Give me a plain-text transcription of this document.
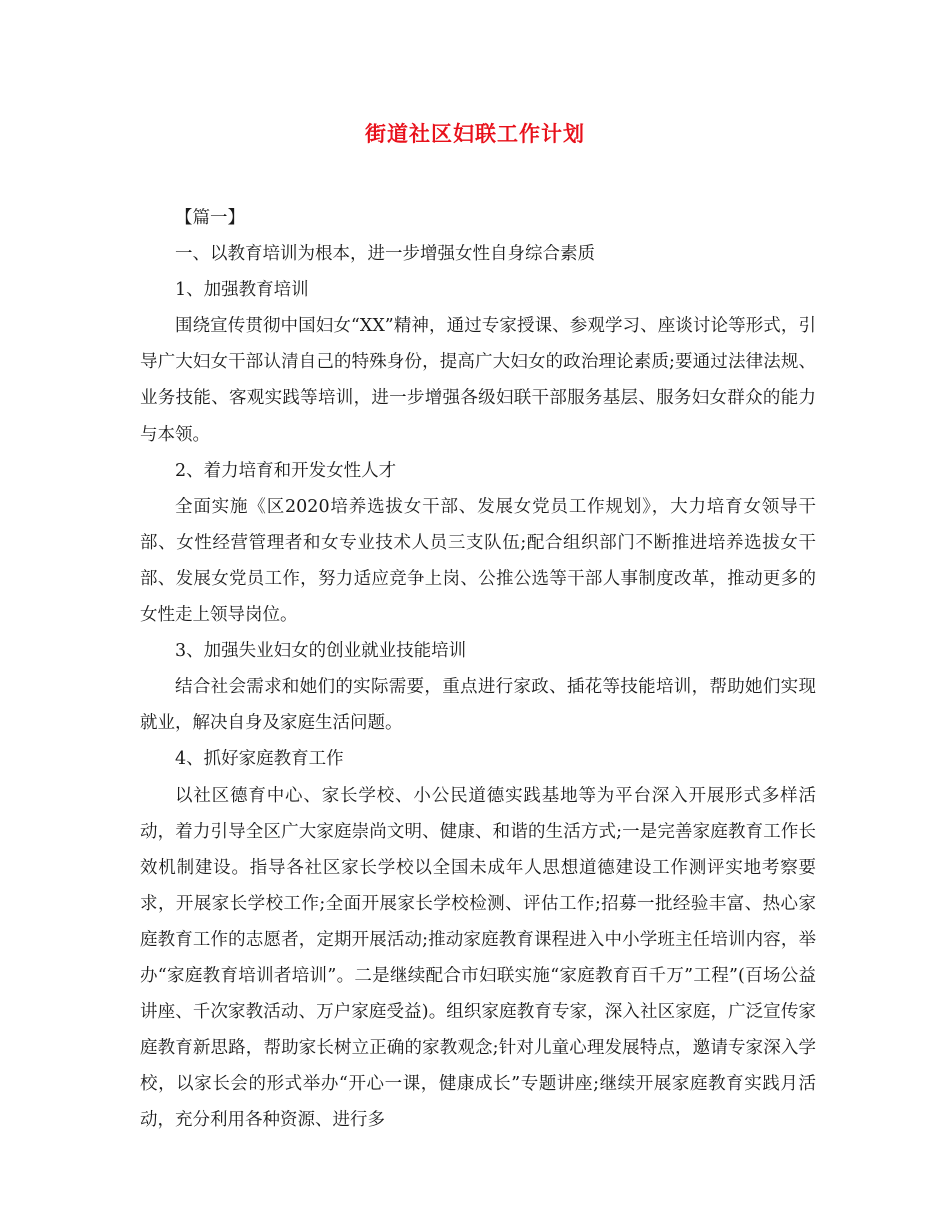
街道社区妇联工作计划

【篇一】

一、以教育培训为根本，进一步增强女性自身综合素质

1、加强教育培训

围绕宣传贯彻中国妇女“XX”精神，通过专家授课、参观学习、座谈讨论等形式，引导广大妇女干部认清自己的特殊身份，提高广大妇女的政治理论素质;要通过法律法规、业务技能、客观实践等培训，进一步增强各级妇联干部服务基层、服务妇女群众的能力与本领。

2、着力培育和开发女性人才

全面实施《区2020培养选拔女干部、发展女党员工作规划》，大力培育女领导干部、女性经营管理者和女专业技术人员三支队伍;配合组织部门不断推进培养选拔女干部、发展女党员工作，努力适应竞争上岗、公推公选等干部人事制度改革，推动更多的女性走上领导岗位。

3、加强失业妇女的创业就业技能培训

结合社会需求和她们的实际需要，重点进行家政、插花等技能培训，帮助她们实现就业，解决自身及家庭生活问题。

4、抓好家庭教育工作

以社区德育中心、家长学校、小公民道德实践基地等为平台深入开展形式多样活动，着力引导全区广大家庭崇尚文明、健康、和谐的生活方式;一是完善家庭教育工作长效机制建设。指导各社区家长学校以全国未成年人思想道德建设工作测评实地考察要求，开展家长学校工作;全面开展家长学校检测、评估工作;招募一批经验丰富、热心家庭教育工作的志愿者，定期开展活动;推动家庭教育课程进入中小学班主任培训内容，举办“家庭教育培训者培训”。二是继续配合市妇联实施“家庭教育百千万”工程”(百场公益讲座、千次家教活动、万户家庭受益)。组织家庭教育专家，深入社区家庭，广泛宣传家庭教育新思路，帮助家长树立正确的家教观念;针对儿童心理发展特点，邀请专家深入学校，以家长会的形式举办“开心一课，健康成长”专题讲座;继续开展家庭教育实践月活动，充分利用各种资源、进行多
